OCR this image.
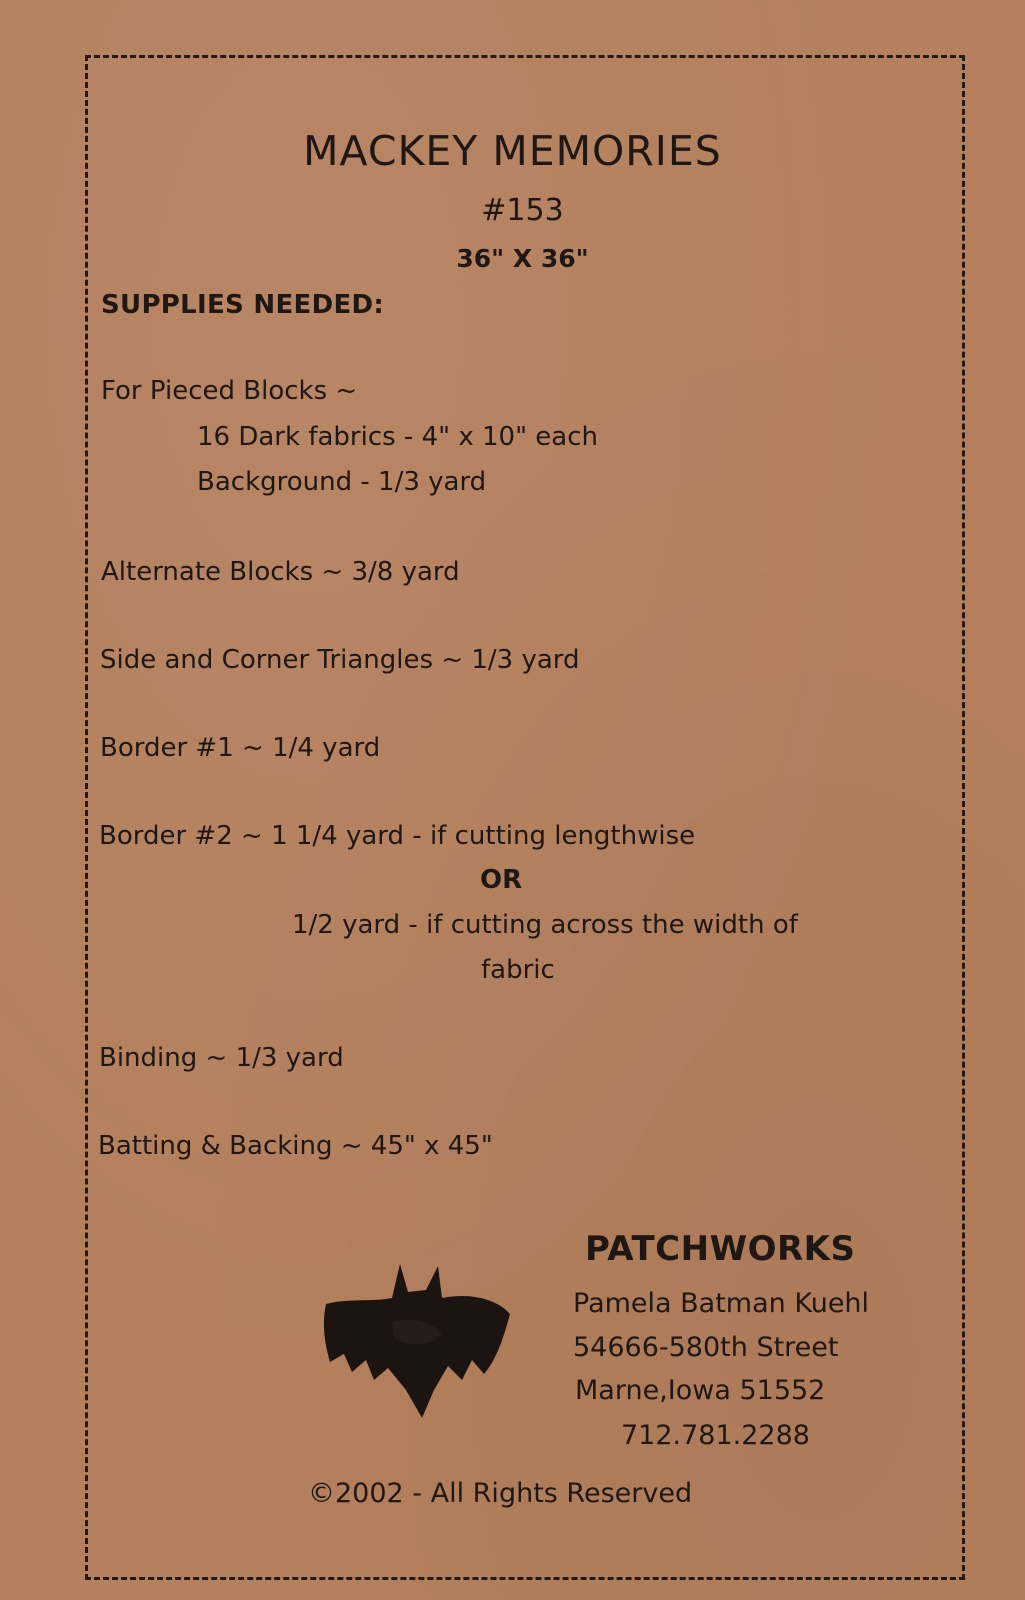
MACKEY MEMORIES
#153
36" X 36"
SUPPLIES NEEDED:
For Pieced Blocks ~
16 Dark fabrics - 4" x 10" each
Background - 1/3 yard
Alternate Blocks ~ 3/8 yard
Side and Corner Triangles ~ 1/3 yard
Border #1 ~ 1/4 yard
Border #2 ~ 1 1/4 yard - if cutting lengthwise
OR
1/2 yard - if cutting across the width of
fabric
Binding ~ 1/3 yard
Batting & Backing ~ 45" x 45"
PATCHWORKS
Pamela Batman Kuehl
54666-580th Street
Marne,Iowa 51552
712.781.2288
©2002 - All Rights Reserved
